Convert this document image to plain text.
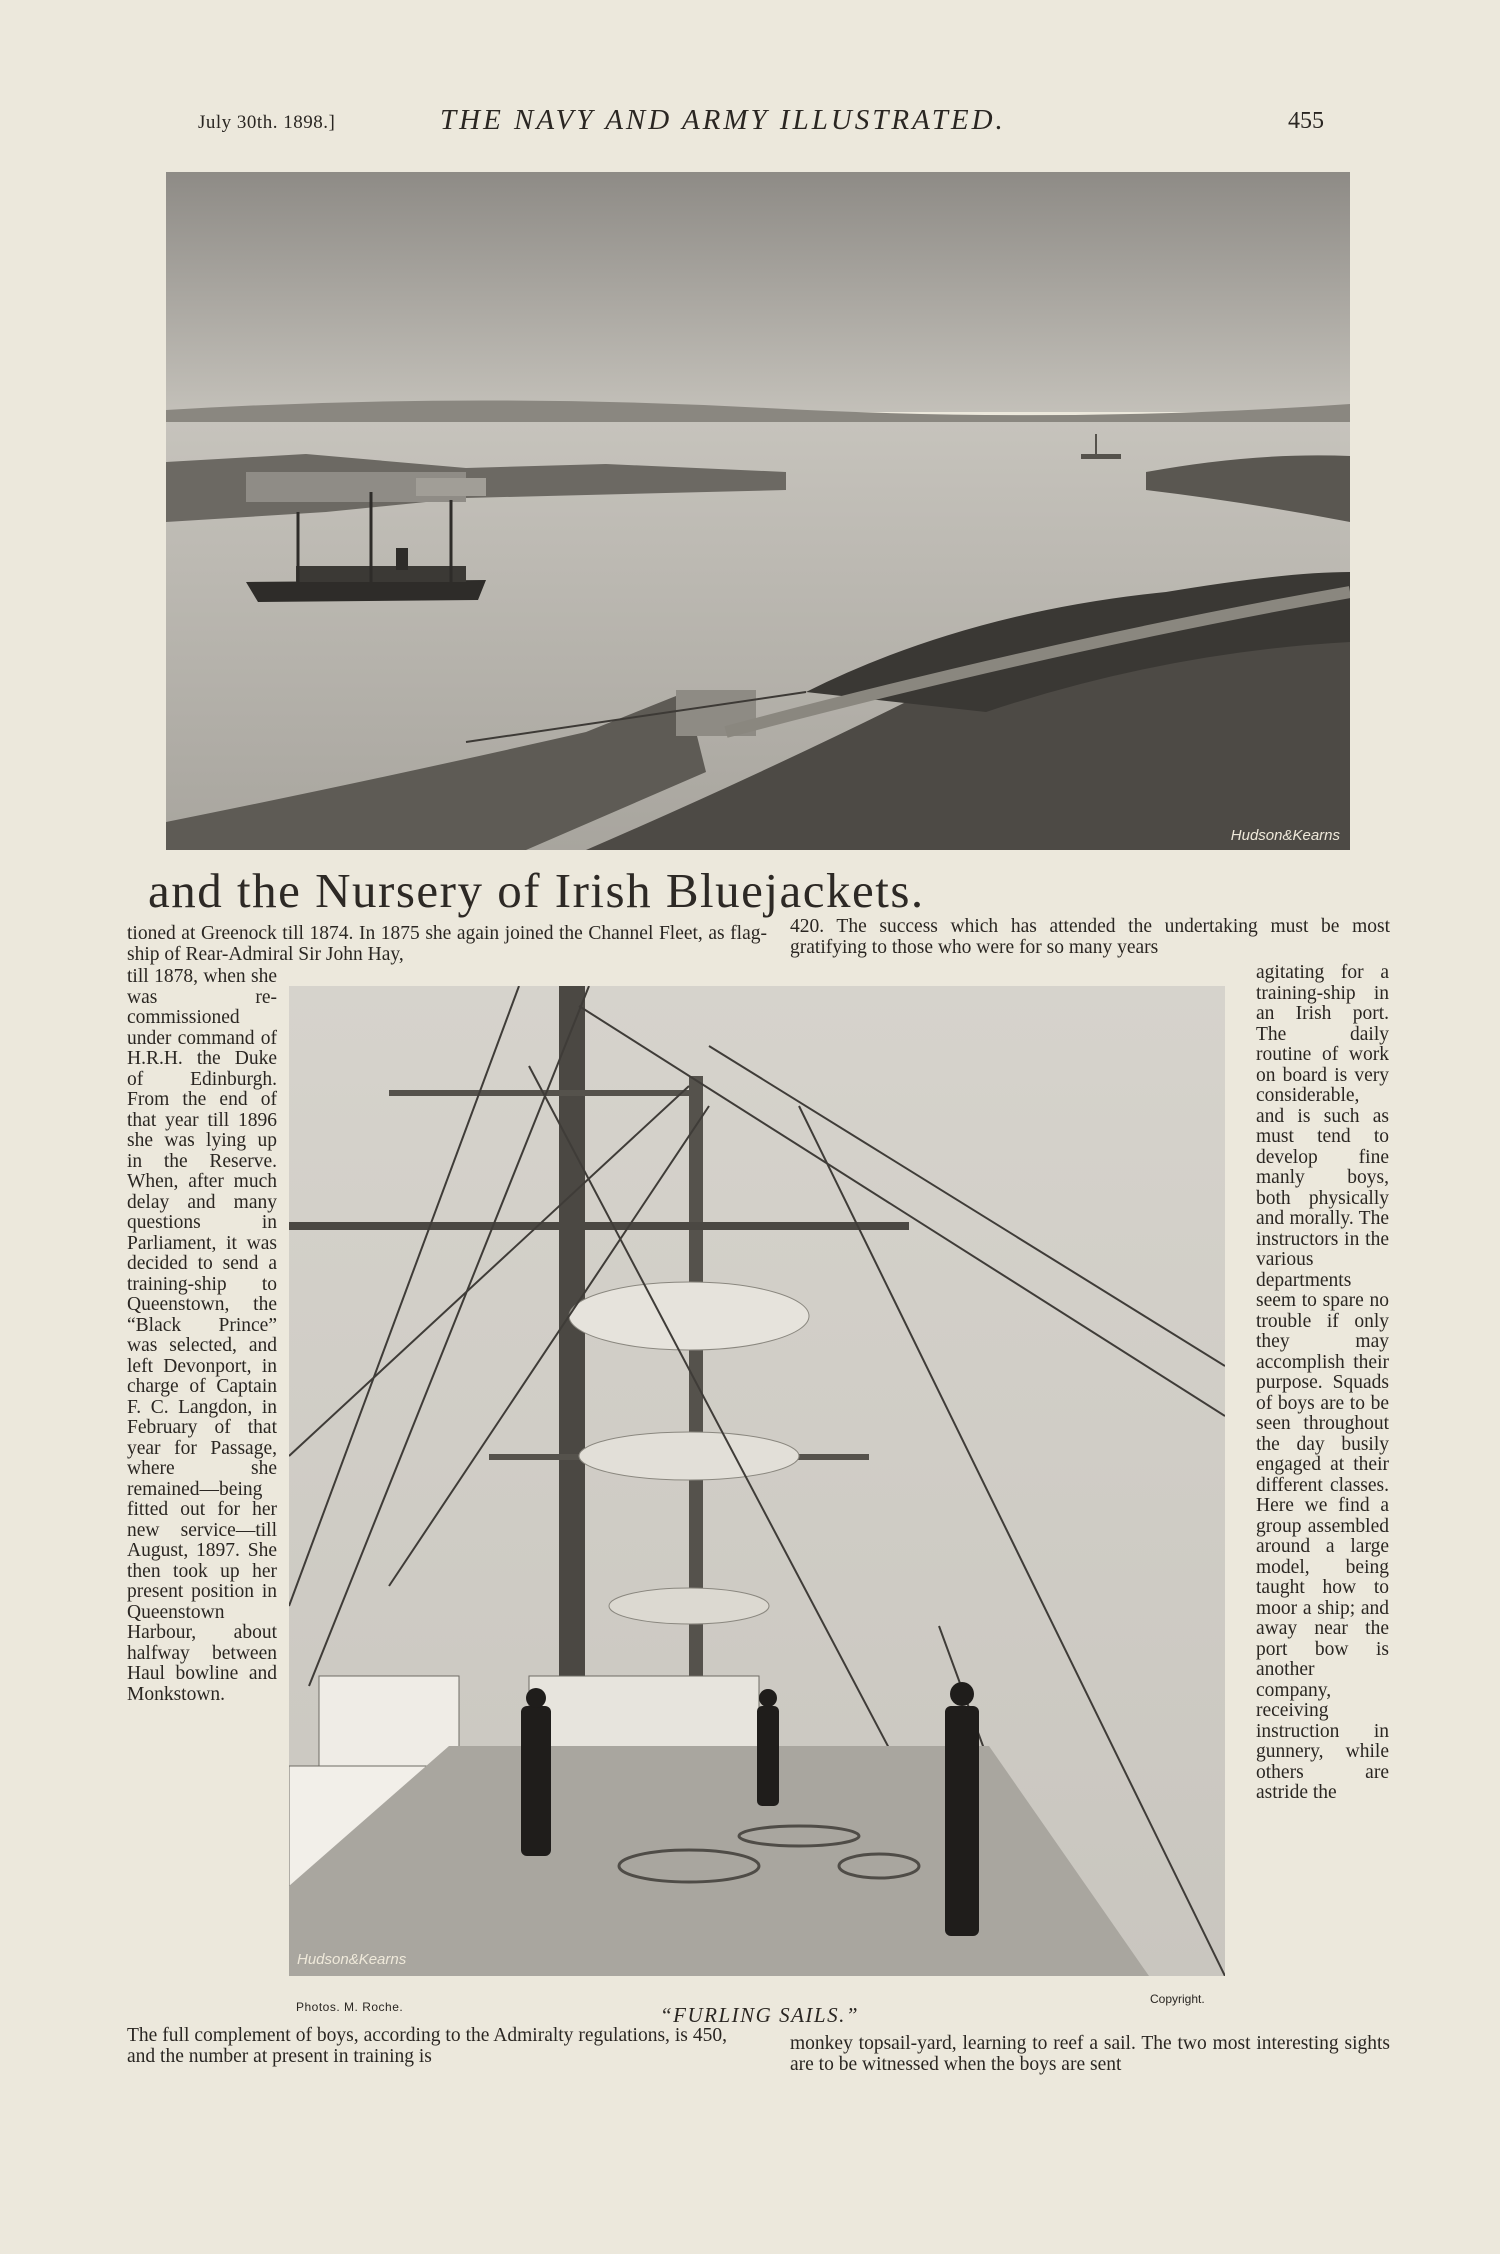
July 30th. 1898.]	THE NAVY AND ARMY ILLUSTRATED.	455
Hudson&Kearns
and the Nursery of Irish Bluejackets.

tioned at Greenock till 1874. In 1875 she again joined the Channel Fleet, as flag-ship of Rear-Admiral Sir John Hay,

till 1878, when she was re-commissioned under command of H.R.H. the Duke of Edinburgh. From the end of that year till 1896 she was lying up in the Reserve. When, after much delay and many questions in Parliament, it was decided to send a training-ship to Queenstown, the “Black Prince” was selected, and left Devonport, in charge of Captain F. C. Langdon, in February of that year for Passage, where she remained—being fitted out for her new service—till August, 1897. She then took up her present position in Queenstown Harbour, about halfway between Haul bowline and Monkstown.

The full complement of boys, according to the Admiralty regulations, is 450, and the number at present in training is

420. The success which has attended the undertaking must be most gratifying to those who were for so many years

agitating for a training-ship in an Irish port. The daily routine of work on board is very considerable, and is such as must tend to develop fine manly boys, both physically and morally. The instructors in the various departments seem to spare no trouble if only they may accomplish their purpose. Squads of boys are to be seen throughout the day busily engaged at their different classes. Here we find a group assembled around a large model, being taught how to moor a ship; and away near the port bow is another company, receiving instruction in gunnery, while others are astride the

monkey topsail-yard, learning to reef a sail. The two most interesting sights are to be witnessed when the boys are sent

Hudson&Kearns
Photos. M. Roche.	“FURLING SAILS.”
Copyright.
